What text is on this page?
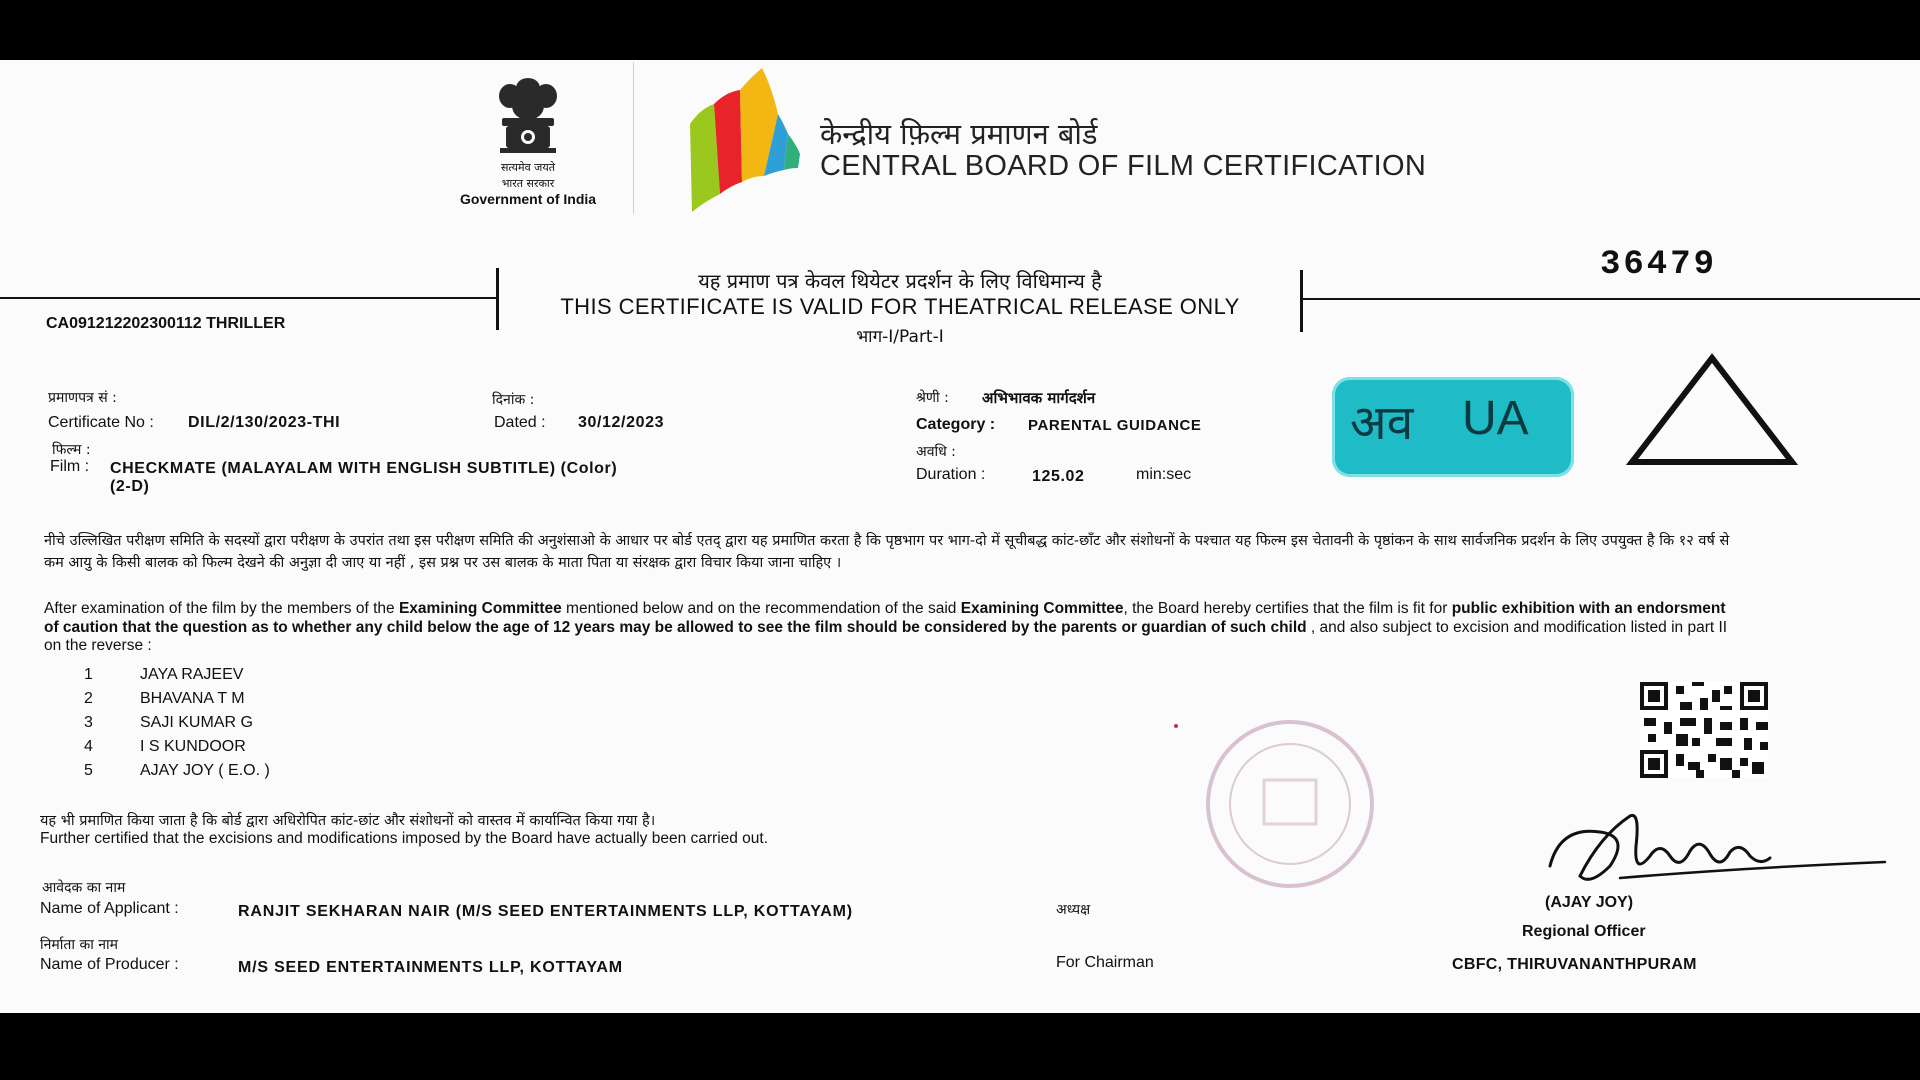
सत्यमेव जयते
भारत सरकार
Government of India
केन्द्रीय फ़िल्म प्रमाणन बोर्ड
CENTRAL BOARD OF FILM CERTIFICATION
यह प्रमाण पत्र केवल थियेटर प्रदर्शन के लिए विधिमान्य है
THIS CERTIFICATE IS VALID FOR THEATRICAL RELEASE ONLY
भाग-I/Part-I
36479
CA091212202300112 THRILLER
प्रमाणपत्र सं :
Certificate No : DIL/2/130/2023-THI
दिनांक :
Dated : 30/12/2023
फिल्म :
Film : CHECKMATE (MALAYALAM WITH ENGLISH SUBTITLE) (Color)
(2-D)
श्रेणी : अभिभावक मार्गदर्शन
Category : PARENTAL GUIDANCE
अवधि :
Duration :	125.02	min:sec
अव UA
नीचे उल्लिखित परीक्षण समिति के सदस्यों द्वारा परीक्षण के उपरांत तथा इस परीक्षण समिति की अनुशंसाओ के आधार पर बोर्ड एतद् द्वारा यह प्रमाणित करता है कि पृष्ठभाग पर भाग-दो में सूचीबद्ध कांट-छाँट और संशोधनों के पश्चात यह फिल्म इस चेतावनी के पृष्ठांकन के साथ सार्वजनिक प्रदर्शन के लिए उपयुक्त है कि १२ वर्ष से कम आयु के किसी बालक को फिल्म देखने की अनुज्ञा दी जाए या नहीं , इस प्रश्न पर उस बालक के माता पिता या संरक्षक द्वारा विचार किया जाना चाहिए ।
After examination of the film by the members of the Examining Committee mentioned below and on the recommendation of the said Examining Committee, the Board hereby certifies that the film is fit for public exhibition with an endorsment of caution that the question as to whether any child below the age of 12 years may be allowed to see the film should be considered by the parents or guardian of such child , and also subject to excision and modification listed in part II on the reverse :
1	JAYA RAJEEV
2	BHAVANA T M
3	SAJI KUMAR G
4	I S KUNDOOR
5	AJAY JOY ( E.O. )
यह भी प्रमाणित किया जाता है कि बोर्ड द्वारा अधिरोपित कांट-छांट और संशोधनों को वास्तव में कार्यान्वित किया गया है।
Further certified that the excisions and modifications imposed by the Board have actually been carried out.
आवेदक का नाम
Name of Applicant :	RANJIT SEKHARAN NAIR (M/S SEED ENTERTAINMENTS LLP, KOTTAYAM)
निर्माता का नाम
Name of Producer :	M/S SEED ENTERTAINMENTS LLP, KOTTAYAM
अध्यक्ष
For Chairman
(AJAY JOY)
Regional Officer
CBFC, THIRUVANANTHPURAM
